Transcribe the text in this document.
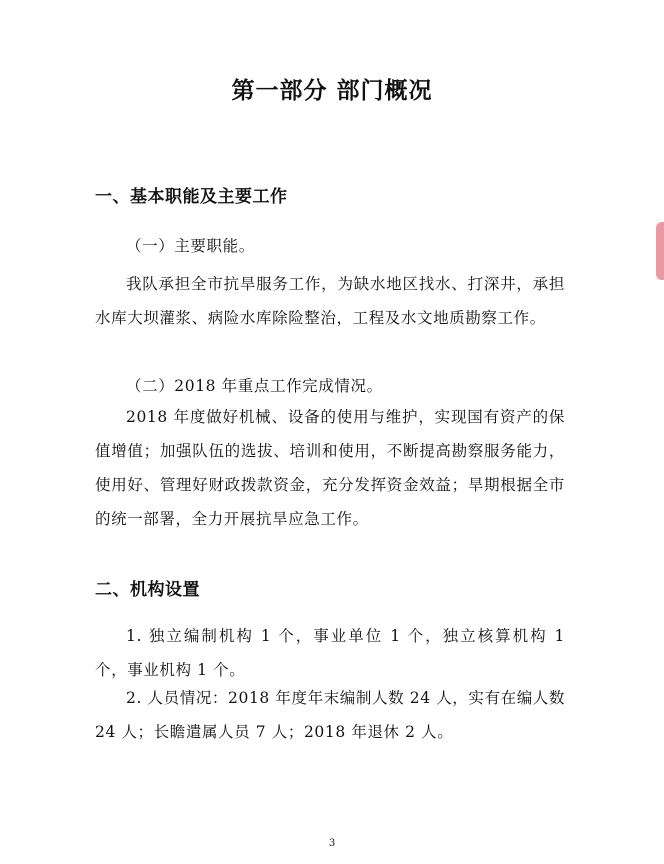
第一部分 部门概况
一、基本职能及主要工作
（一）主要职能。
我队承担全市抗旱服务工作，为缺水地区找水、打深井，承担水库大坝灌浆、病险水库除险整治，工程及水文地质勘察工作。
（二）2018 年重点工作完成情况。
2018 年度做好机械、设备的使用与维护，实现国有资产的保值增值；加强队伍的选拔、培训和使用，不断提高勘察服务能力，使用好、管理好财政拨款资金，充分发挥资金效益；旱期根据全市的统一部署，全力开展抗旱应急工作。
二、机构设置
1. 独立编制机构 1 个，事业单位 1 个，独立核算机构 1 个，事业机构 1 个。
2. 人员情况：2018 年度年末编制人数 24 人，实有在编人数 24 人；长瞻遣属人员 7 人；2018 年退休 2 人。
3
